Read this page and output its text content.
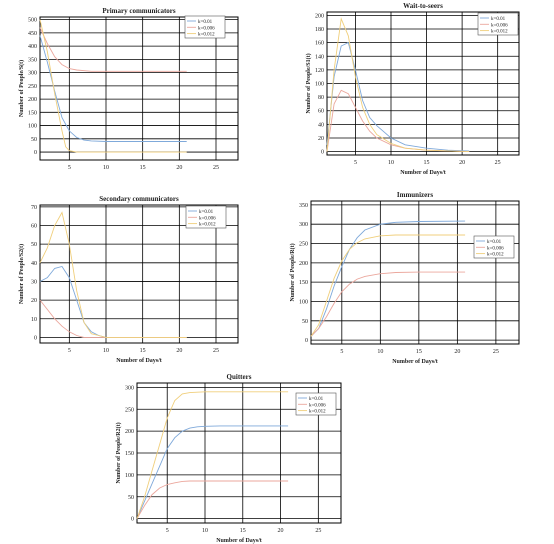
0
50
100
150
200
250
300
350
400
450
500
5	10	15	20	25
Primary communicators
Number of People/S(t)
k=0.01
k=0.006
k=0.012
0
20
40
60
80
100
120
140
160
180
200
5	10	15	20	25
Wait-to-seers
Number of Days/t
Number of People/S1(t)
k=0.01
k=0.006
k=0.012
0
10
20
30
40
50
60
70
5	10	15	20	25
Secondary communicators
Number of Days/t
Number of People/S2(t)
k=0.01
k=0.006
k=0.012
0
50
100
150
200
250
300
350
5	10	15	20	25
Immunizers
Number of Days/t
Number of People/R(t)
k=0.01
k=0.006
k=0.012
0
50
100
150
200
250
300
5	10	15	20	25
Quitters
Number of Days/t
Number of People/R2(t)
k=0.01
k=0.006
k=0.012
